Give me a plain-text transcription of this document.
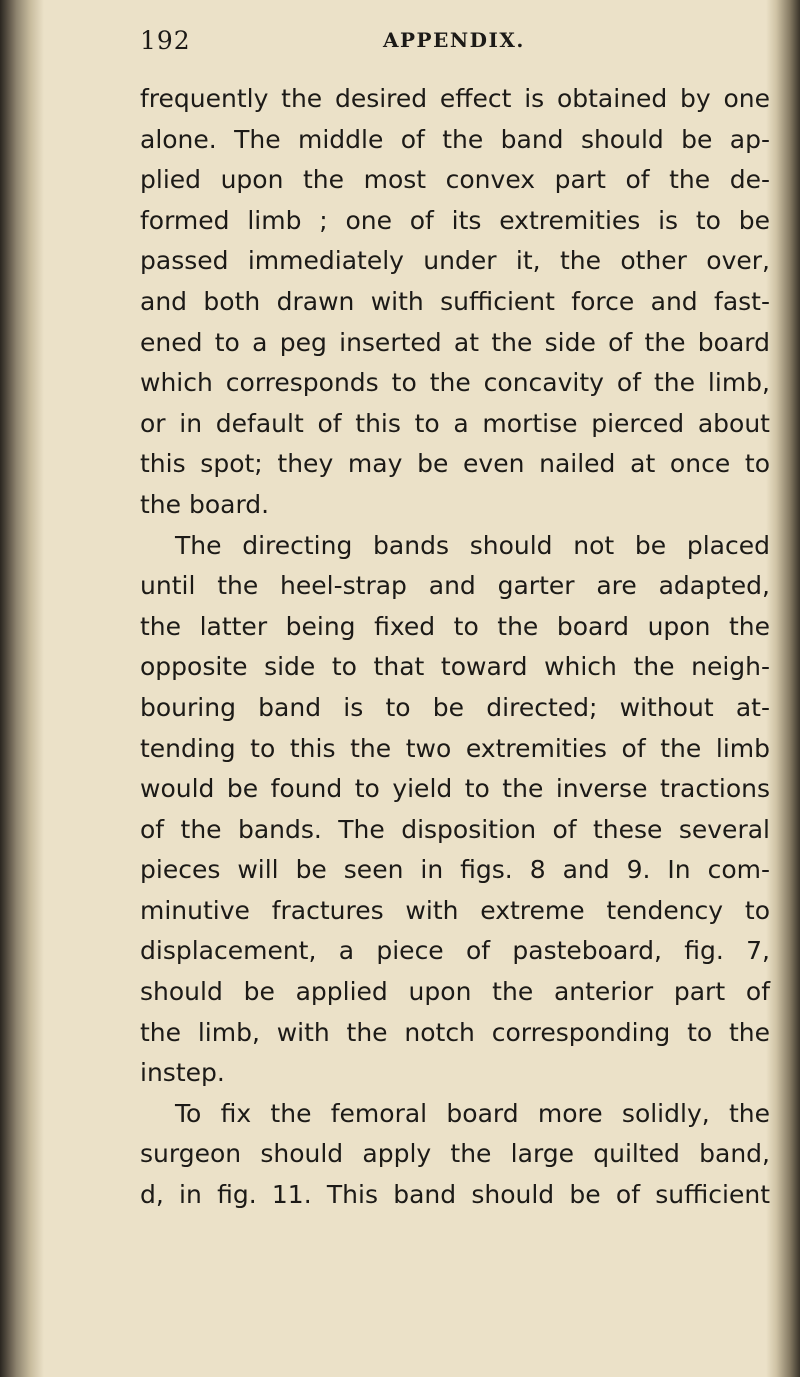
192	APPENDIX.
frequently the desired effect is obtained by one
alone. The middle of the band should be ap-
plied upon the most convex part of the de-
formed limb ; one of its extremities is to be
passed immediately under it, the other over,
and both drawn with sufficient force and fast-
ened to a peg inserted at the side of the board
which corresponds to the concavity of the limb,
or in default of this to a mortise pierced about
this spot; they may be even nailed at once to
the board.
The directing bands should not be placed
until the heel-strap and garter are adapted,
the latter being fixed to the board upon the
opposite side to that toward which the neigh-
bouring band is to be directed; without at-
tending to this the two extremities of the limb
would be found to yield to the inverse tractions
of the bands. The disposition of these several
pieces will be seen in figs. 8 and 9. In com-
minutive fractures with extreme tendency to
displacement, a piece of pasteboard, fig. 7,
should be applied upon the anterior part of
the limb, with the notch corresponding to the
instep.
To fix the femoral board more solidly, the
surgeon should apply the large quilted band,
d, in fig. 11. This band should be of sufficient
